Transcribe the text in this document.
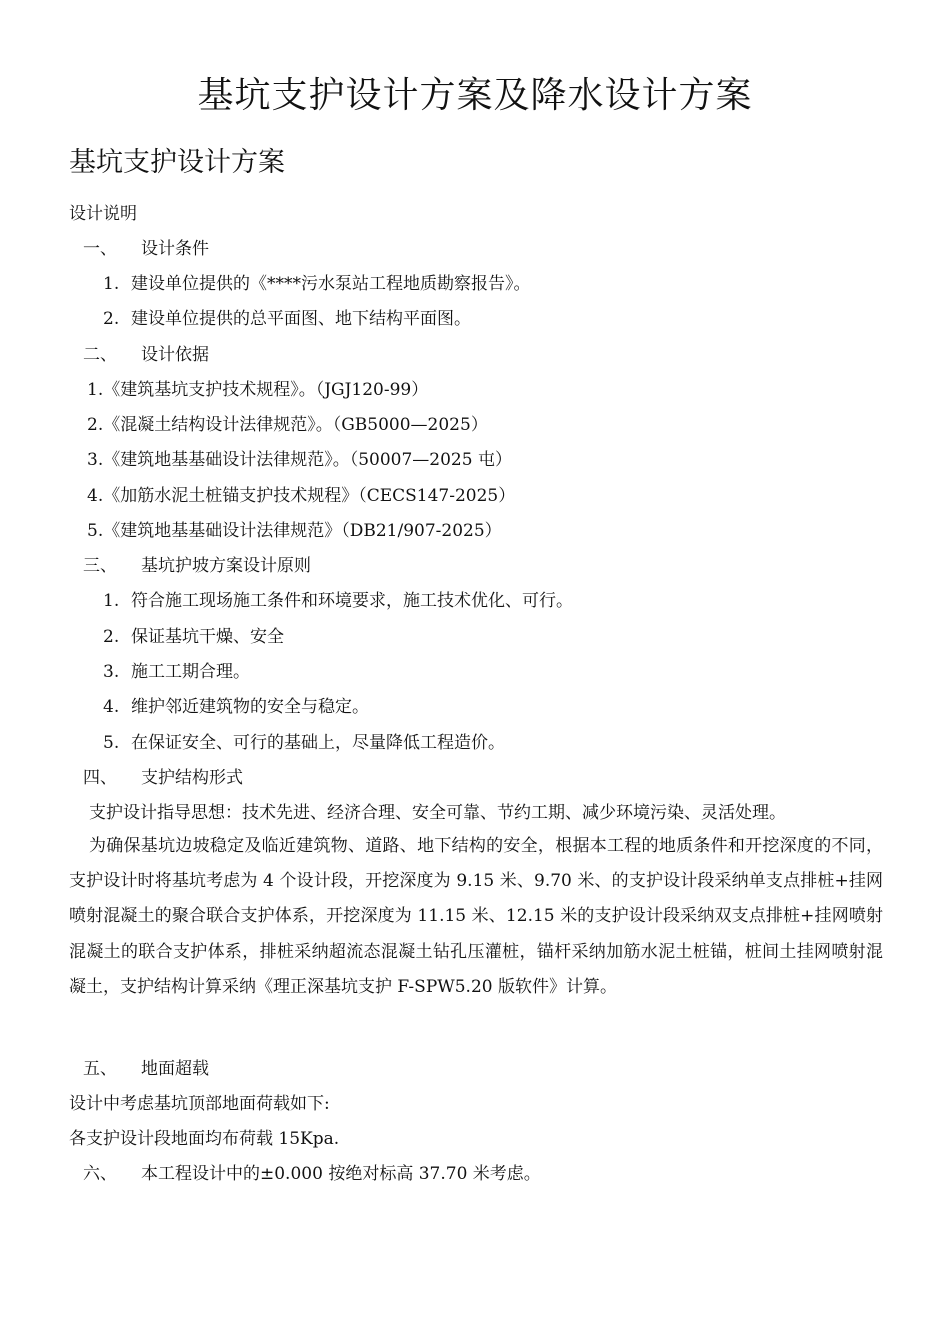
基坑支护设计方案及降水设计方案
基坑支护设计方案
设计说明
一、 设计条件
1. 建设单位提供的《****污水泵站工程地质勘察报告》。
2. 建设单位提供的总平面图、地下结构平面图。
二、 设计依据
1.《建筑基坑支护技术规程》。（JGJ120-99）
2.《混凝土结构设计法律规范》。（GB5000—2025）
3.《建筑地基基础设计法律规范》。（50007—2025 屯）
4.《加筋水泥土桩锚支护技术规程》（CECS147-2025）
5.《建筑地基基础设计法律规范》（DB21/907-2025）
三、 基坑护坡方案设计原则
1. 符合施工现场施工条件和环境要求，施工技术优化、可行。
2. 保证基坑干燥、安全
3. 施工工期合理。
4. 维护邻近建筑物的安全与稳定。
5. 在保证安全、可行的基础上，尽量降低工程造价。
四、 支护结构形式
支护设计指导思想：技术先进、经济合理、安全可靠、节约工期、减少环境污染、灵活处理。
为确保基坑边坡稳定及临近建筑物、道路、地下结构的安全，根据本工程的地质条件和开挖深度的不同，支护设计时将基坑考虑为 4 个设计段，开挖深度为 9.15 米、9.70 米、的支护设计段采纳单支点排桩+挂网喷射混凝土的聚合联合支护体系，开挖深度为 11.15 米、12.15 米的支护设计段采纳双支点排桩+挂网喷射混凝土的联合支护体系，排桩采纳超流态混凝土钻孔压灌桩，锚杆采纳加筋水泥土桩锚，桩间土挂网喷射混凝土，支护结构计算采纳《理正深基坑支护 F-SPW5.20 版软件》计算。
五、 地面超载
设计中考虑基坑顶部地面荷载如下:
各支护设计段地面均布荷载 15Kpa.
六、 本工程设计中的±0.000 按绝对标高 37.70 米考虑。
